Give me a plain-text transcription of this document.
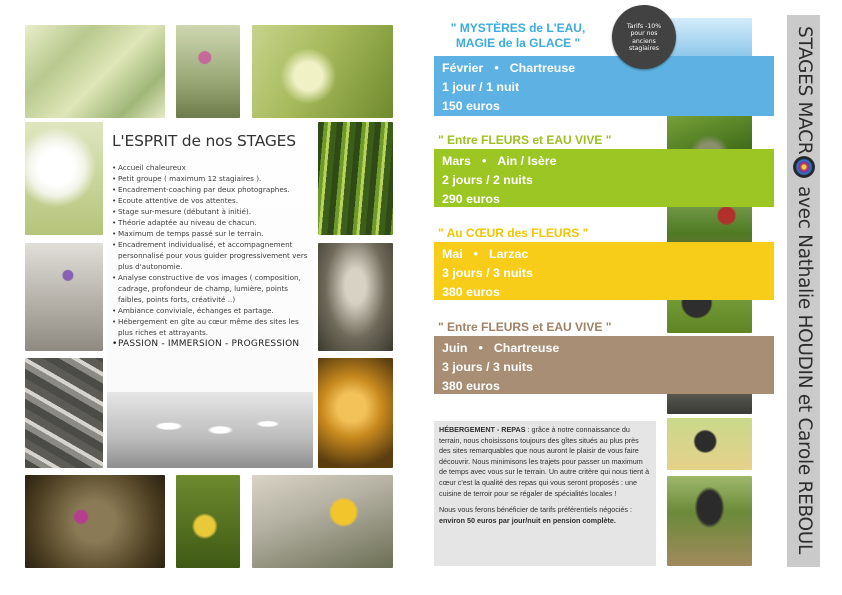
L'ESPRIT de nos STAGES
• Accueil chaleureux
• Petit groupe ( maximum 12 stagiaires ).
• Encadrement-coaching par deux photographes.
• Ecoute attentive de vos attentes.
• Stage sur-mesure (débutant à initié).
• Théorie adaptée au niveau de chacun.
• Maximum de temps passé sur le terrain.
• Encadrement individualisé, et accompagnement personnalisé pour vous guider progressivement vers plus d'autonomie.
• Analyse constructive de vos images ( composition, cadrage, profondeur de champ, lumière, points faibles, points forts, créativité ..)
• Ambiance conviviale, échanges et partage.
• Hébergement en gîte au cœur même des sites les plus riches et attrayants.
• PASSION - IMMERSION - PROGRESSION
" MYSTÈRES de L'EAU,
MAGIE de la GLACE "
Février • Chartreuse
1 jour / 1 nuit
150 euros
Tarifs -10%
pour nos
anciens
stagiaires
" Entre FLEURS et EAU VIVE "
Mars • Ain / Isère
2 jours / 2 nuits
290 euros
" Au CŒUR des FLEURS "
Mai • Larzac
3 jours / 3 nuits
380 euros
" Entre FLEURS et EAU VIVE "
Juin • Chartreuse
3 jours / 3 nuits
380 euros

HÉBERGEMENT - REPAS : grâce à notre connaissance du terrain, nous choisissons toujours des gîtes situés au plus près des sites remarquables que nous auront le plaisir de vous faire découvrir. Nous minimisons les trajets pour passer un maximum de temps avec vous sur le terrain. Un autre critère qui nous tient à cœur c'est la qualité des repas qui vous seront proposés : une cuisine de terroir pour se régaler de spécialités locales !

Nous vous ferons bénéficier de tarifs préférentiels négociés : environ 50 euros par jour/nuit en pension complète.

STAGES MACR avec Nathalie HOUDIN et Carole REBOUL
